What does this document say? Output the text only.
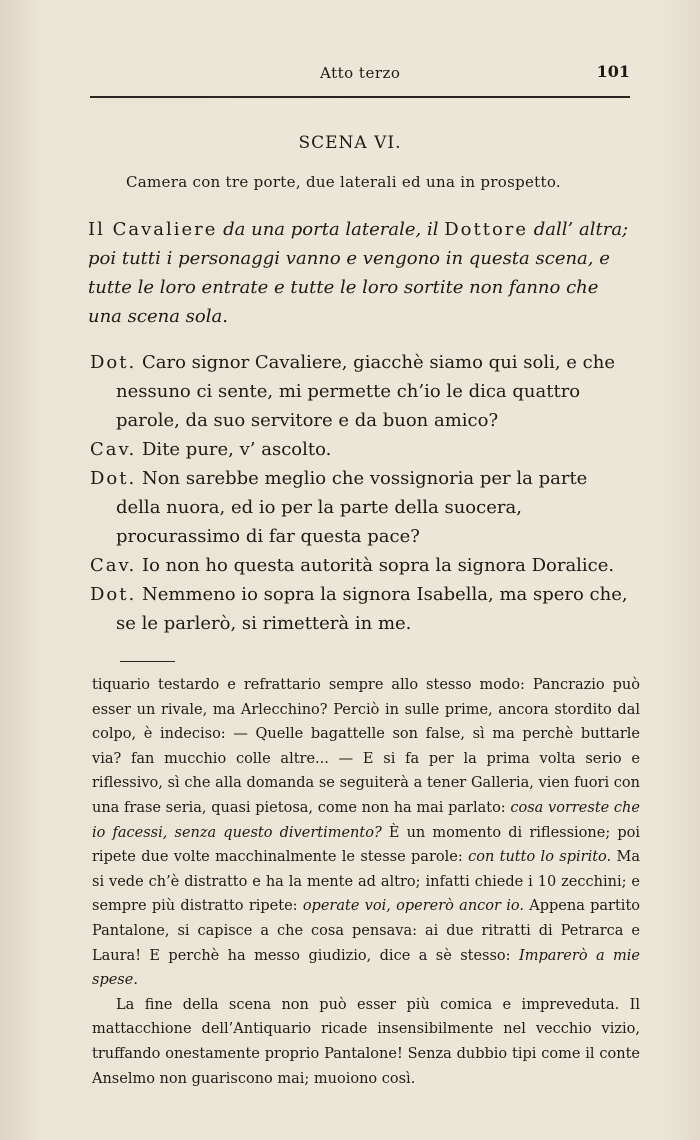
Atto terzo	101
SCENA VI.
Camera con tre porte, due laterali ed una in prospetto.
Il Cavaliere da una porta laterale, il Dottore dall’ altra; poi tutti i personaggi vanno e vengono in questa scena, e tutte le loro entrate e tutte le loro sortite non fanno che una scena sola.

Dot. Caro signor Cavaliere, giacchè siamo qui soli, e che nessuno ci sente, mi permette ch’io le dica quattro parole, da suo servitore e da buon amico?

Cav. Dite pure, v’ ascolto.

Dot. Non sarebbe meglio che vossignoria per la parte della nuora, ed io per la parte della suocera, procurassimo di far questa pace?

Cav. Io non ho questa autorità sopra la signora Doralice.

Dot. Nemmeno io sopra la signora Isabella, ma spero che, se le parlerò, si rimetterà in me.

tiquario testardo e refrattario sempre allo stesso modo: Pancrazio può esser un rivale, ma Arlecchino? Perciò in sulle prime, ancora stordito dal colpo, è indeciso: — Quelle bagattelle son false, sì ma perchè buttarle via? fan mucchio colle altre... — E si fa per la prima volta serio e riflessivo, sì che alla domanda se seguiterà a tener Galleria, vien fuori con una frase seria, quasi pietosa, come non ha mai parlato: cosa vorreste che io facessi, senza questo divertimento? È un momento di riflessione; poi ripete due volte macchinalmente le stesse parole: con tutto lo spirito. Ma si vede ch’è distratto e ha la mente ad altro; infatti chiede i 10 zecchini; e sempre più distratto ripete: operate voi, opererò ancor io. Appena partito Pantalone, si capisce a che cosa pensava: ai due ritratti di Petrarca e Laura! E perchè ha messo giudizio, dice a sè stesso: Imparerò a mie spese.

La fine della scena non può esser più comica e impreveduta. Il mattacchione dell’Antiquario ricade insensibilmente nel vecchio vizio, truffando onestamente proprio Pantalone! Senza dubbio tipi come il conte Anselmo non guariscono mai; muoiono così.
